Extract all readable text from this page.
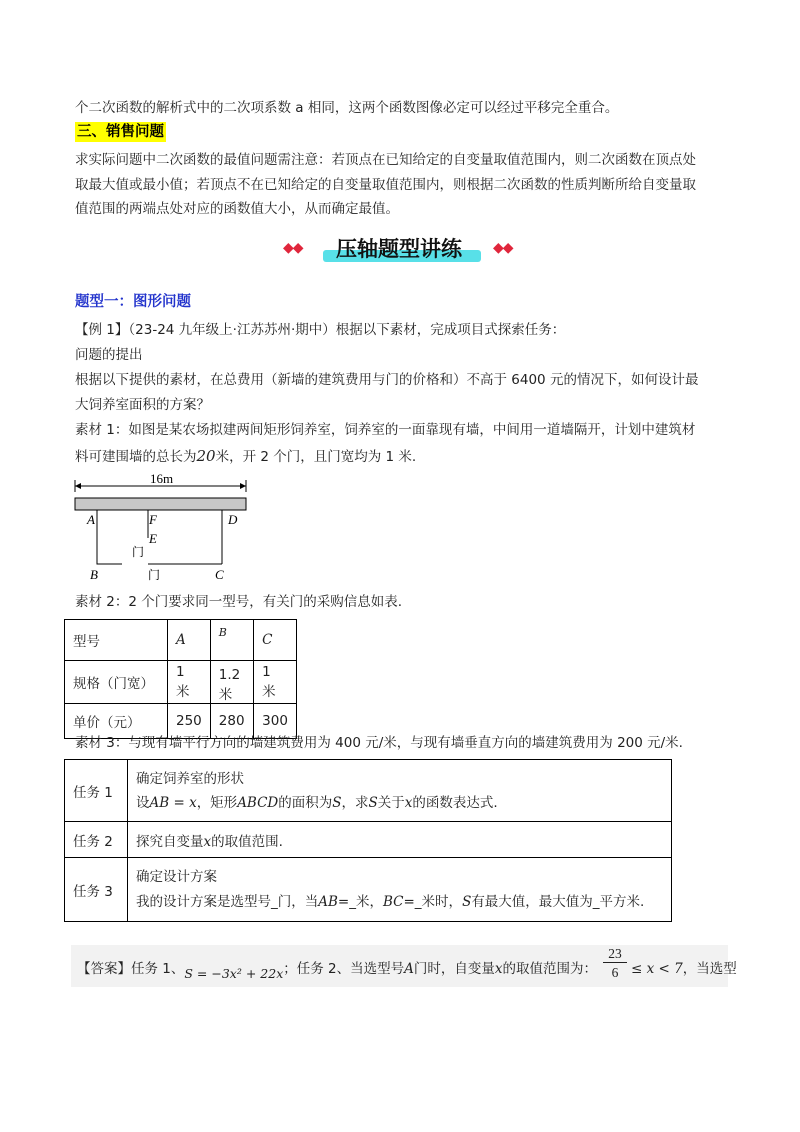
个二次函数的解析式中的二次项系数 a 相同，这两个函数图像必定可以经过平移完全重合。
三、销售问题
求实际问题中二次函数的最值问题需注意：若顶点在已知给定的自变量取值范围内，则二次函数在顶点处
取最大值或最小值；若顶点不在已知给定的自变量取值范围内，则根据二次函数的性质判断所给自变量取
值范围的两端点处对应的函数值大小，从而确定最值。
◆◆	压轴题型讲练	◆◆
题型一：图形问题
【例 1】（23-24 九年级上·江苏苏州·期中）根据以下素材，完成项目式探索任务：
问题的提出
根据以下提供的素材，在总费用（新墙的建筑费用与门的价格和）不高于 6400 元的情况下，如何设计最
大饲养室面积的方案？
素材 1：如图是某农场拟建两间矩形饲养室，饲养室的一面靠现有墙，中间用一道墙隔开，计划中建筑材
料可建围墙的总长为20米，开 2 个门，且门宽均为 1 米.
16m
A	F	D
E
门
B	门	C
素材 2：2 个门要求同一型号，有关门的采购信息如表.
型号	A	B	C
规格（门宽）	1 米	1.2 米	1 米
单价（元）	250	280	300
素材 3：与现有墙平行方向的墙建筑费用为 400 元/米，与现有墙垂直方向的墙建筑费用为 200 元/米.
任务 1	确定饲养室的形状
设AB = x，矩形ABCD的面积为S，求S关于x的函数表达式.

任务 2	探究自变量x的取值范围.
任务 3	确定设计方案
我的设计方案是选型号_门，当AB=_米，BC=_米时，S有最大值，最大值为_平方米.
【答案】任务 1、S = −3x² + 22x；任务 2、当选型号A门时，自变量x的取值范围为： $\frac{23}{6} \le x < 7$，当选型
